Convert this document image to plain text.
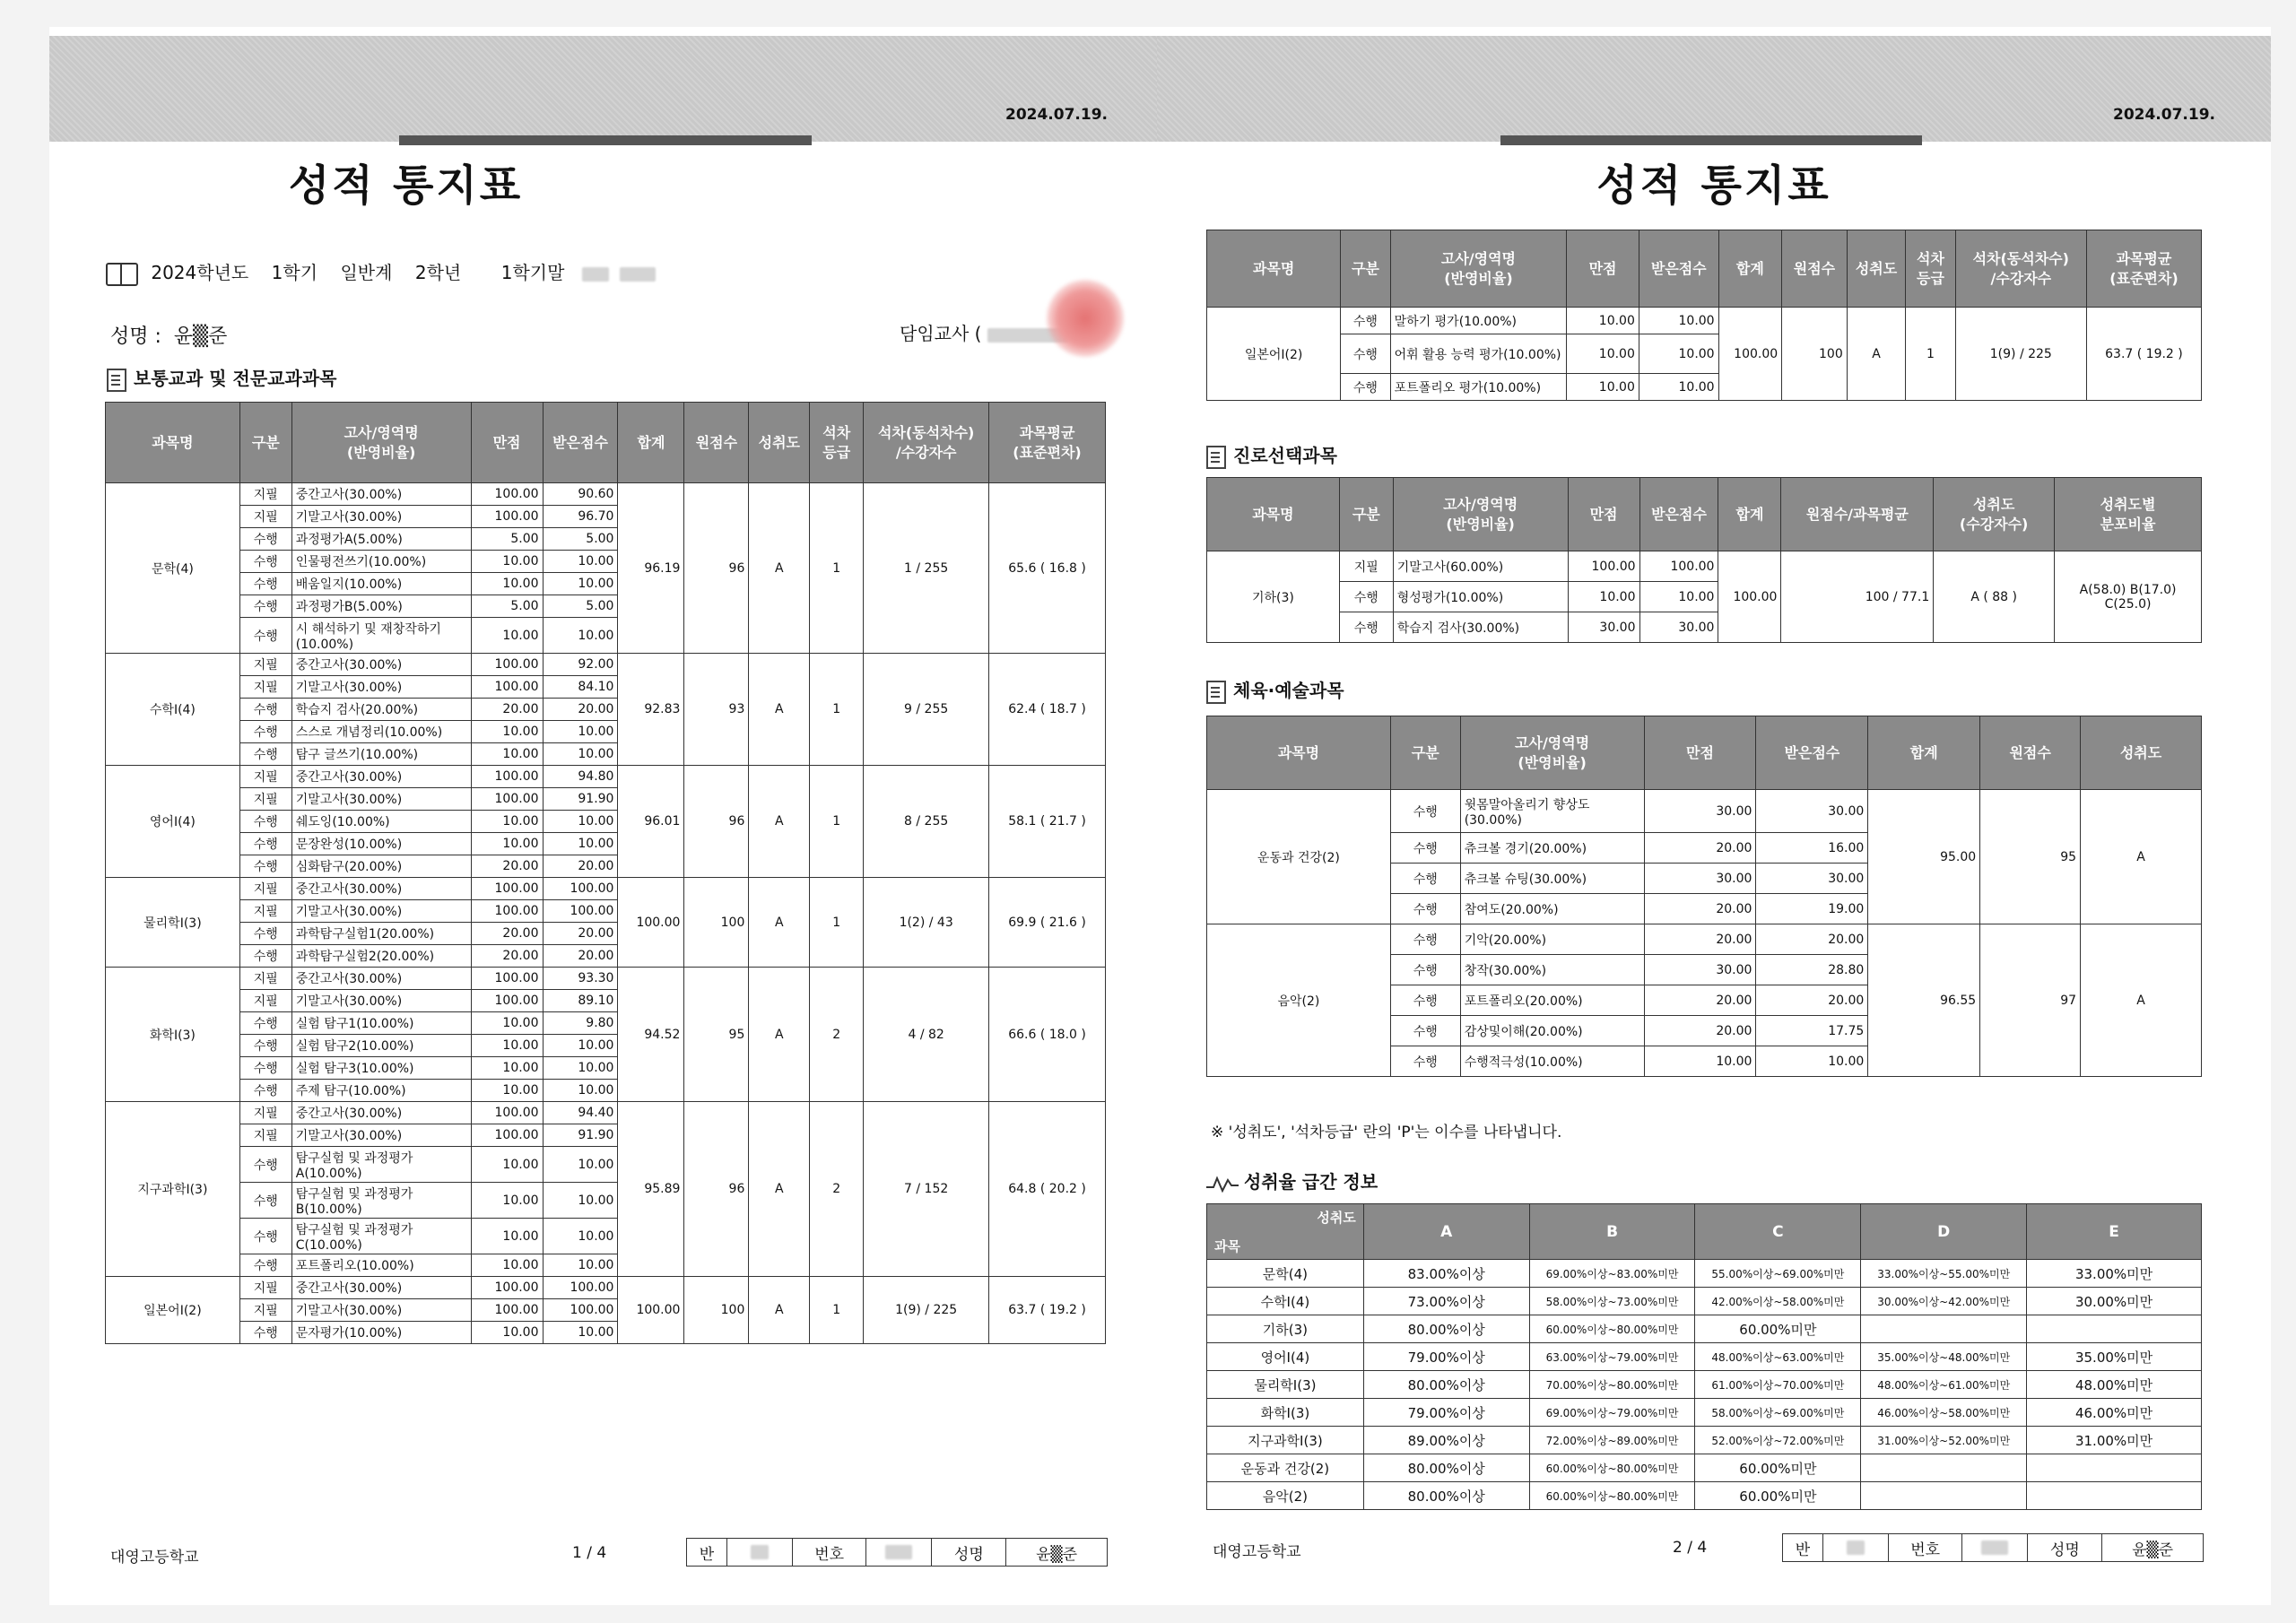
2024.07.19.
성적 통지표
2024학년도 1학기 일반계 2학년 1학기말
성명 : 윤▒준	담임교사 (
보통교과 및 전문교과과목
과목명	구분	고사/영역명
(반영비율)	만점	받은점수	합계	원점수	성취도	석차
등급	석차(동석차수)
/수강자수	과목평균
(표준편차)
문학(4)	지필	중간고사(30.00%)	100.00	90.60	96.19	96	A	1	1 / 255	65.6 ( 16.8 )
	지필	기말고사(30.00%)	100.00	96.70						
	수행	과정평가A(5.00%)	5.00	5.00						
	수행	인물평전쓰기(10.00%)	10.00	10.00						
	수행	배움일지(10.00%)	10.00	10.00						
	수행	과정평가B(5.00%)	5.00	5.00						
	수행	시 해석하기 및 재창작하기(10.00%)	10.00	10.00						
수학Ⅰ(4)	지필	중간고사(30.00%)	100.00	92.00	92.83	93	A	1	9 / 255	62.4 ( 18.7 )
	지필	기말고사(30.00%)	100.00	84.10						
	수행	학습지 검사(20.00%)	20.00	20.00						
	수행	스스로 개념정리(10.00%)	10.00	10.00						
	수행	탐구 글쓰기(10.00%)	10.00	10.00						
영어Ⅰ(4)	지필	중간고사(30.00%)	100.00	94.80	96.01	96	A	1	8 / 255	58.1 ( 21.7 )
	지필	기말고사(30.00%)	100.00	91.90						
	수행	쉐도잉(10.00%)	10.00	10.00						
	수행	문장완성(10.00%)	10.00	10.00						
	수행	심화탐구(20.00%)	20.00	20.00						
물리학Ⅰ(3)	지필	중간고사(30.00%)	100.00	100.00	100.00	100	A	1	1(2) / 43	69.9 ( 21.6 )
	지필	기말고사(30.00%)	100.00	100.00						
	수행	과학탐구실험1(20.00%)	20.00	20.00						
	수행	과학탐구실험2(20.00%)	20.00	20.00						
화학Ⅰ(3)	지필	중간고사(30.00%)	100.00	93.30	94.52	95	A	2	4 / 82	66.6 ( 18.0 )
	지필	기말고사(30.00%)	100.00	89.10						
	수행	실험 탐구1(10.00%)	10.00	9.80						
	수행	실험 탐구2(10.00%)	10.00	10.00						
	수행	실험 탐구3(10.00%)	10.00	10.00						
	수행	주제 탐구(10.00%)	10.00	10.00						
지구과학Ⅰ(3)	지필	중간고사(30.00%)	100.00	94.40	95.89	96	A	2	7 / 152	64.8 ( 20.2 )
	지필	기말고사(30.00%)	100.00	91.90						
	수행	탐구실험 및 과정평가A(10.00%)	10.00	10.00						
	수행	탐구실험 및 과정평가B(10.00%)	10.00	10.00						
	수행	탐구실험 및 과정평가C(10.00%)	10.00	10.00						
	수행	포트폴리오(10.00%)	10.00	10.00						
일본어Ⅰ(2)	지필	중간고사(30.00%)	100.00	100.00	100.00	100	A	1	1(9) / 225	63.7 ( 19.2 )
	지필	기말고사(30.00%)	100.00	100.00						
	수행	문자평가(10.00%)	10.00	10.00						
대영고등학교	1 / 4	반		번호		성명	윤▒준
2024.07.19.
성적 통지표
과목명	구분	고사/영역명
(반영비율)	만점	받은점수	합계	원점수	성취도	석차
등급	석차(동석차수)
/수강자수	과목평균
(표준편차)
일본어Ⅰ(2)	수행	말하기 평가(10.00%)	10.00	10.00	100.00	100	A	1	1(9) / 225	63.7 ( 19.2 )
	수행	어휘 활용 능력 평가(10.00%)	10.00	10.00						
	수행	포트폴리오 평가(10.00%)	10.00	10.00						
진로선택과목
과목명	구분	고사/영역명
(반영비율)	만점	받은점수	합계	원점수/과목평균	성취도
(수강자수)	성취도별
분포비율
기하(3)	지필	기말고사(60.00%)	100.00	100.00	100.00	100 / 77.1	A ( 88 )	A(58.0) B(17.0)
C(25.0)
	수행	형성평가(10.00%)	10.00	10.00				
	수행	학습지 검사(30.00%)	30.00	30.00				
체육·예술과목
과목명	구분	고사/영역명
(반영비율)	만점	받은점수	합계	원점수	성취도
운동과 건강(2)	수행	윗몸말아올리기 향상도(30.00%)	30.00	30.00	95.00	95	A
	수행	츄크볼 경기(20.00%)	20.00	16.00			
	수행	츄크볼 슈팅(30.00%)	30.00	30.00			
	수행	참여도(20.00%)	20.00	19.00			
음악(2)	수행	기악(20.00%)	20.00	20.00	96.55	97	A
	수행	창작(30.00%)	30.00	28.80			
	수행	포트폴리오(20.00%)	20.00	20.00			
	수행	감상및이해(20.00%)	20.00	17.75			
	수행	수행적극성(10.00%)	10.00	10.00			
※ '성취도', '석차등급' 란의 'P'는 이수를 나타냅니다.
성취율 급간 정보
성취도
과목	A	B	C	D	E
문학(4)	83.00%이상	69.00%이상~83.00%미만	55.00%이상~69.00%미만	33.00%이상~55.00%미만	33.00%미만
수학Ⅰ(4)	73.00%이상	58.00%이상~73.00%미만	42.00%이상~58.00%미만	30.00%이상~42.00%미만	30.00%미만
기하(3)	80.00%이상	60.00%이상~80.00%미만	60.00%미만		
영어Ⅰ(4)	79.00%이상	63.00%이상~79.00%미만	48.00%이상~63.00%미만	35.00%이상~48.00%미만	35.00%미만
물리학Ⅰ(3)	80.00%이상	70.00%이상~80.00%미만	61.00%이상~70.00%미만	48.00%이상~61.00%미만	48.00%미만
화학Ⅰ(3)	79.00%이상	69.00%이상~79.00%미만	58.00%이상~69.00%미만	46.00%이상~58.00%미만	46.00%미만
지구과학Ⅰ(3)	89.00%이상	72.00%이상~89.00%미만	52.00%이상~72.00%미만	31.00%이상~52.00%미만	31.00%미만
운동과 건강(2)	80.00%이상	60.00%이상~80.00%미만	60.00%미만		
음악(2)	80.00%이상	60.00%이상~80.00%미만	60.00%미만		
대영고등학교	2 / 4	반		번호		성명	윤▒준
